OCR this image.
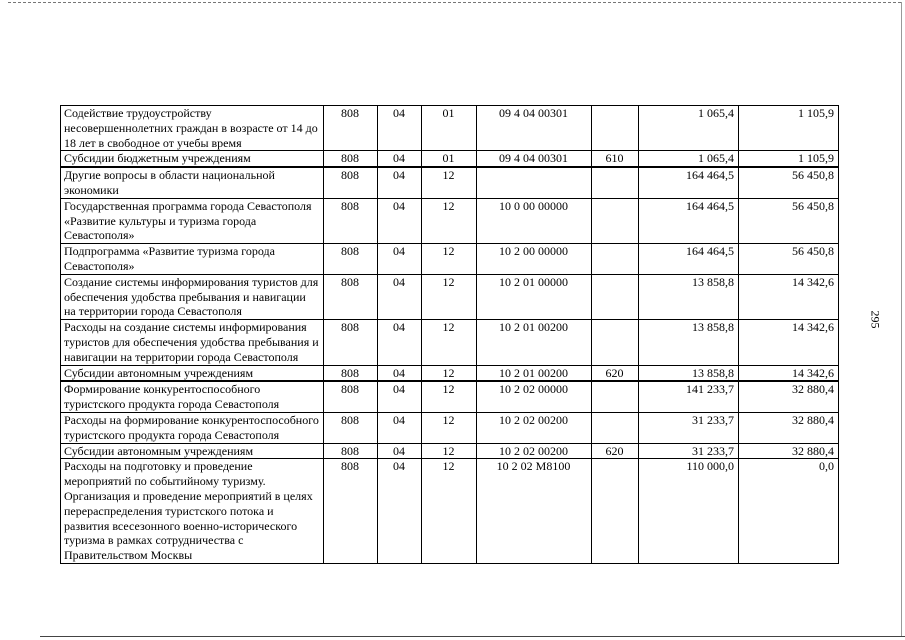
295
Содействие трудоустройству несовершеннолетних граждан в возрасте от 14 до 18 лет в свободное от учебы время	808	04	01	09 4 04 00301		1 065,4	1 105,9
Субсидии бюджетным учреждениям	808	04	01	09 4 04 00301	610	1 065,4	1 105,9
Другие вопросы в области национальной экономики	808	04	12			164 464,5	56 450,8
Государственная программа города Севастополя «Развитие культуры и туризма города Севастополя»	808	04	12	10 0 00 00000		164 464,5	56 450,8
Подпрограмма «Развитие туризма города Севастополя»	808	04	12	10 2 00 00000		164 464,5	56 450,8
Создание системы информирования туристов для обеспечения удобства пребывания и навигации на территории города Севастополя	808	04	12	10 2 01 00000		13 858,8	14 342,6
Расходы на создание системы информирования туристов для обеспечения удобства пребывания и навигации на территории города Севастополя	808	04	12	10 2 01 00200		13 858,8	14 342,6
Субсидии автономным учреждениям	808	04	12	10 2 01 00200	620	13 858,8	14 342,6
Формирование конкурентоспособного туристского продукта города Севастополя	808	04	12	10 2 02 00000		141 233,7	32 880,4
Расходы на формирование конкурентоспособного туристского продукта города Севастополя	808	04	12	10 2 02 00200		31 233,7	32 880,4
Субсидии автономным учреждениям	808	04	12	10 2 02 00200	620	31 233,7	32 880,4
Расходы на подготовку и проведение мероприятий по событийному туризму. Организация и проведение мероприятий в целях перераспределения туристского потока и развития всесезонного военно-исторического туризма в рамках сотрудничества с Правительством Москвы	808	04	12	10 2 02 М8100		110 000,0	0,0
